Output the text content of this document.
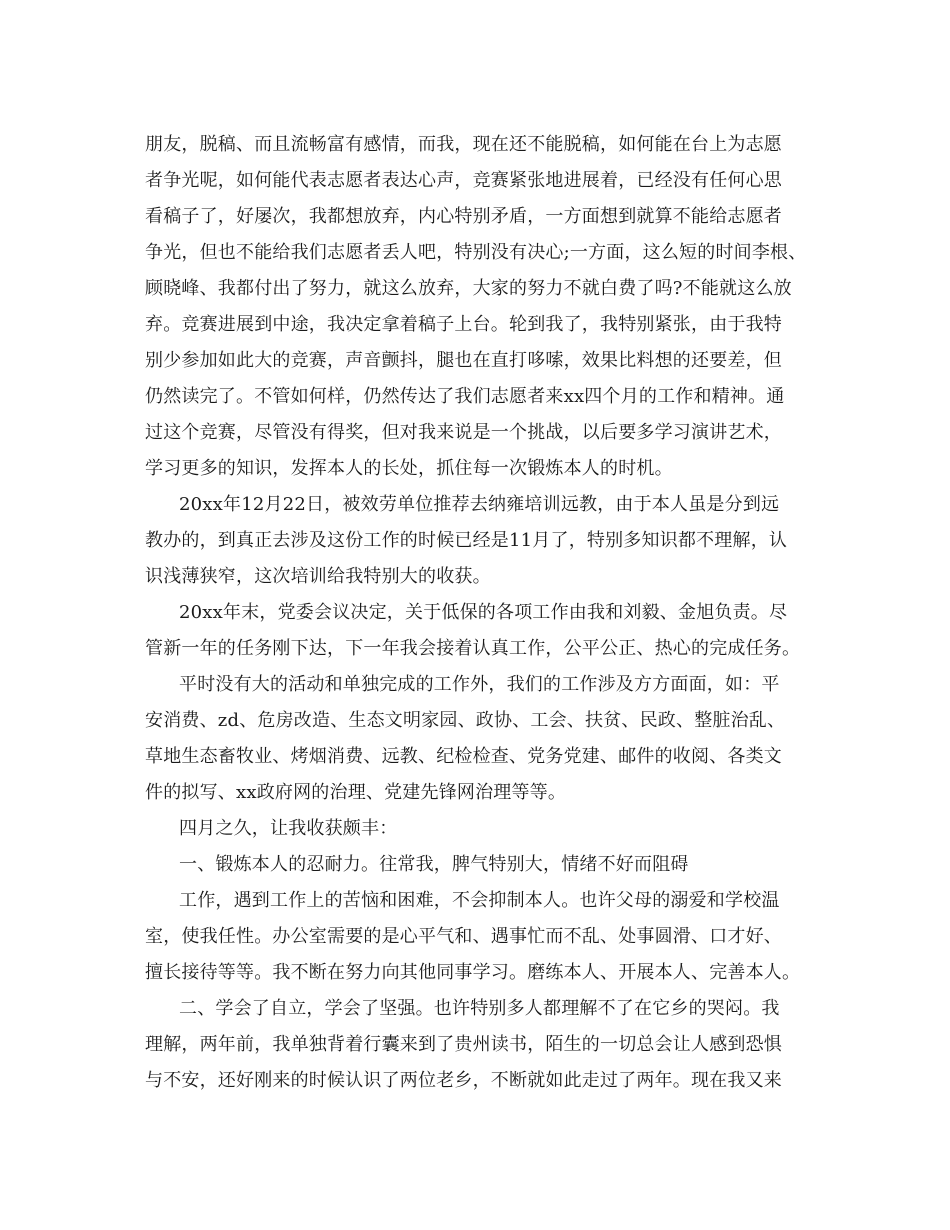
朋友，脱稿、而且流畅富有感情，而我，现在还不能脱稿，如何能在台上为志愿
者争光呢，如何能代表志愿者表达心声，竞赛紧张地进展着，已经没有任何心思
看稿子了，好屡次，我都想放弃，内心特别矛盾，一方面想到就算不能给志愿者
争光，但也不能给我们志愿者丢人吧，特别没有决心;一方面，这么短的时间李根、
顾晓峰、我都付出了努力，就这么放弃，大家的努力不就白费了吗?不能就这么放
弃。竞赛进展到中途，我决定拿着稿子上台。轮到我了，我特别紧张，由于我特
别少参加如此大的竞赛，声音颤抖，腿也在直打哆嗦，效果比料想的还要差，但
仍然读完了。不管如何样，仍然传达了我们志愿者来xx四个月的工作和精神。通
过这个竞赛，尽管没有得奖，但对我来说是一个挑战，以后要多学习演讲艺术，
学习更多的知识，发挥本人的长处，抓住每一次锻炼本人的时机。
20xx年12月22日，被效劳单位推荐去纳雍培训远教，由于本人虽是分到远
教办的，到真正去涉及这份工作的时候已经是11月了，特别多知识都不理解，认
识浅薄狭窄，这次培训给我特别大的收获。
20xx年末，党委会议决定，关于低保的各项工作由我和刘毅、金旭负责。尽
管新一年的任务刚下达，下一年我会接着认真工作，公平公正、热心的完成任务。
平时没有大的活动和单独完成的工作外，我们的工作涉及方方面面，如：平
安消费、zd、危房改造、生态文明家园、政协、工会、扶贫、民政、整脏治乱、
草地生态畜牧业、烤烟消费、远教、纪检检查、党务党建、邮件的收阅、各类文
件的拟写、xx政府网的治理、党建先锋网治理等等。
四月之久，让我收获颇丰：
一、锻炼本人的忍耐力。往常我，脾气特别大，情绪不好而阻碍
工作，遇到工作上的苦恼和困难，不会抑制本人。也许父母的溺爱和学校温
室，使我任性。办公室需要的是心平气和、遇事忙而不乱、处事圆滑、口才好、
擅长接待等等。我不断在努力向其他同事学习。磨练本人、开展本人、完善本人。
二、学会了自立，学会了坚强。也许特别多人都理解不了在它乡的哭闷。我
理解，两年前，我单独背着行囊来到了贵州读书，陌生的一切总会让人感到恐惧
与不安，还好刚来的时候认识了两位老乡，不断就如此走过了两年。现在我又来
